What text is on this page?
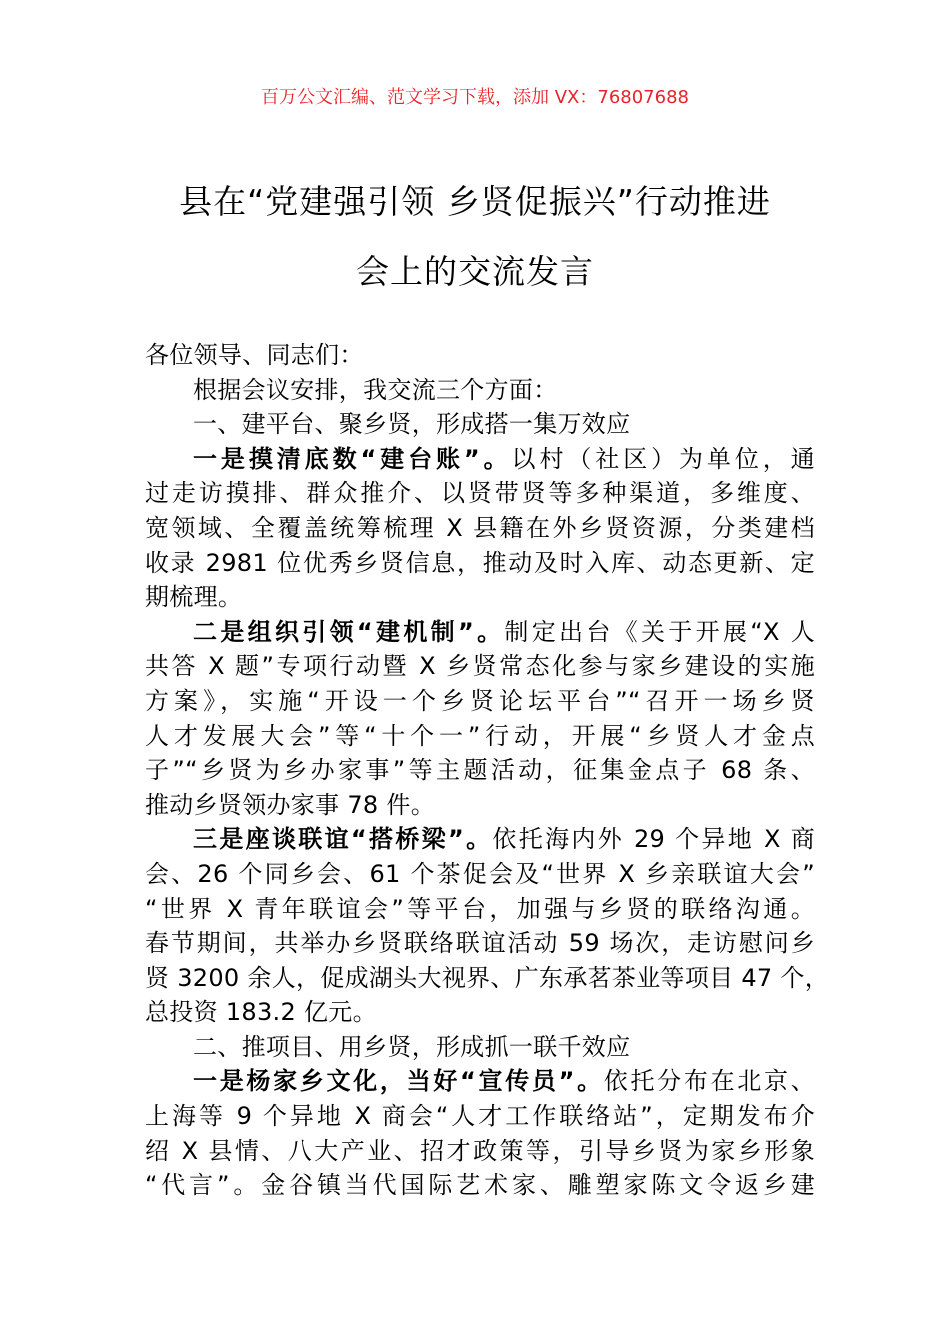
百万公文汇编、范文学习下载，添加 VX：76807688
县在“党建强引领 乡贤促振兴”行动推进
会上的交流发言
各位领导、同志们：
根据会议安排，我交流三个方面：
一、建平台、聚乡贤，形成搭一集万效应
一是摸清底数“建台账”。以村（社区）为单位，通
过走访摸排、群众推介、以贤带贤等多种渠道，多维度、
宽领域、全覆盖统筹梳理 X 县籍在外乡贤资源，分类建档
收录 2981 位优秀乡贤信息，推动及时入库、动态更新、定
期梳理。
二是组织引领“建机制”。制定出台《关于开展“X 人
共答 X 题”专项行动暨 X 乡贤常态化参与家乡建设的实施
方案》，实施“开设一个乡贤论坛平台”“召开一场乡贤
人才发展大会”等“十个一”行动，开展“乡贤人才金点
子”“乡贤为乡办家事”等主题活动，征集金点子 68 条、
推动乡贤领办家事 78 件。
三是座谈联谊“搭桥梁”。依托海内外 29 个异地 X 商
会、26 个同乡会、61 个茶促会及“世界 X 乡亲联谊大会”
“世界 X 青年联谊会”等平台，加强与乡贤的联络沟通。
春节期间，共举办乡贤联络联谊活动 59 场次，走访慰问乡
贤 3200 余人，促成湖头大视界、广东承茗茶业等项目 47 个，
总投资 183.2 亿元。
二、推项目、用乡贤，形成抓一联千效应
一是杨家乡文化，当好“宣传员”。依托分布在北京、
上海等 9 个异地 X 商会“人才工作联络站”，定期发布介
绍 X 县情、八大产业、招才政策等，引导乡贤为家乡形象
“代言”。金谷镇当代国际艺术家、雕塑家陈文令返乡建
